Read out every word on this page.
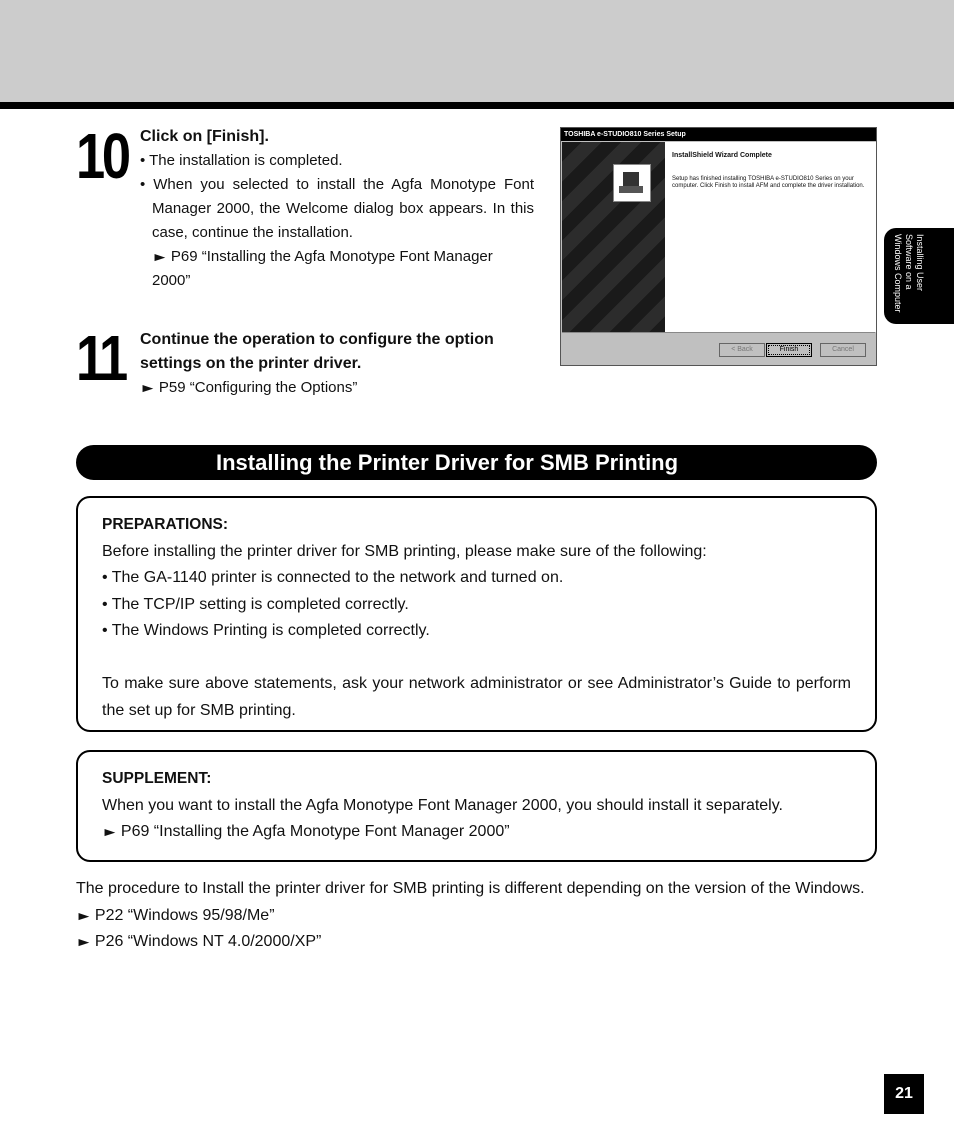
10 Click on [Finish].
• The installation is completed.
• When you selected to install the Agfa Monotype Font Manager 2000, the Welcome dialog box appears. In this case, continue the installation.
► P69 “Installing the Agfa Monotype Font Manager 2000”
11 Continue the operation to configure the option settings on the printer driver.
► P59 “Configuring the Options”
TOSHIBA e-STUDIO810 Series Setup
InstallShield Wizard Complete
Setup has finished installing TOSHIBA e-STUDIO810 Series on your computer. Click Finish to install AFM and complete the driver installation.
< Back	Finish	Cancel
Installing User Software on a Windows Computer
Installing the Printer Driver for SMB Printing
PREPARATIONS:
Before installing the printer driver for SMB printing, please make sure of the following:
• The GA-1140 printer is connected to the network and turned on.
• The TCP/IP setting is completed correctly.
• The Windows Printing is completed correctly.
To make sure above statements, ask your network administrator or see Administrator’s Guide to perform the set up for SMB printing.
SUPPLEMENT:
When you want to install the Agfa Monotype Font Manager 2000, you should install it separately.
► P69 “Installing the Agfa Monotype Font Manager 2000”
The procedure to Install the printer driver for SMB printing is different depending on the version of the Windows.
► P22 “Windows 95/98/Me”
► P26 “Windows NT 4.0/2000/XP”
21
